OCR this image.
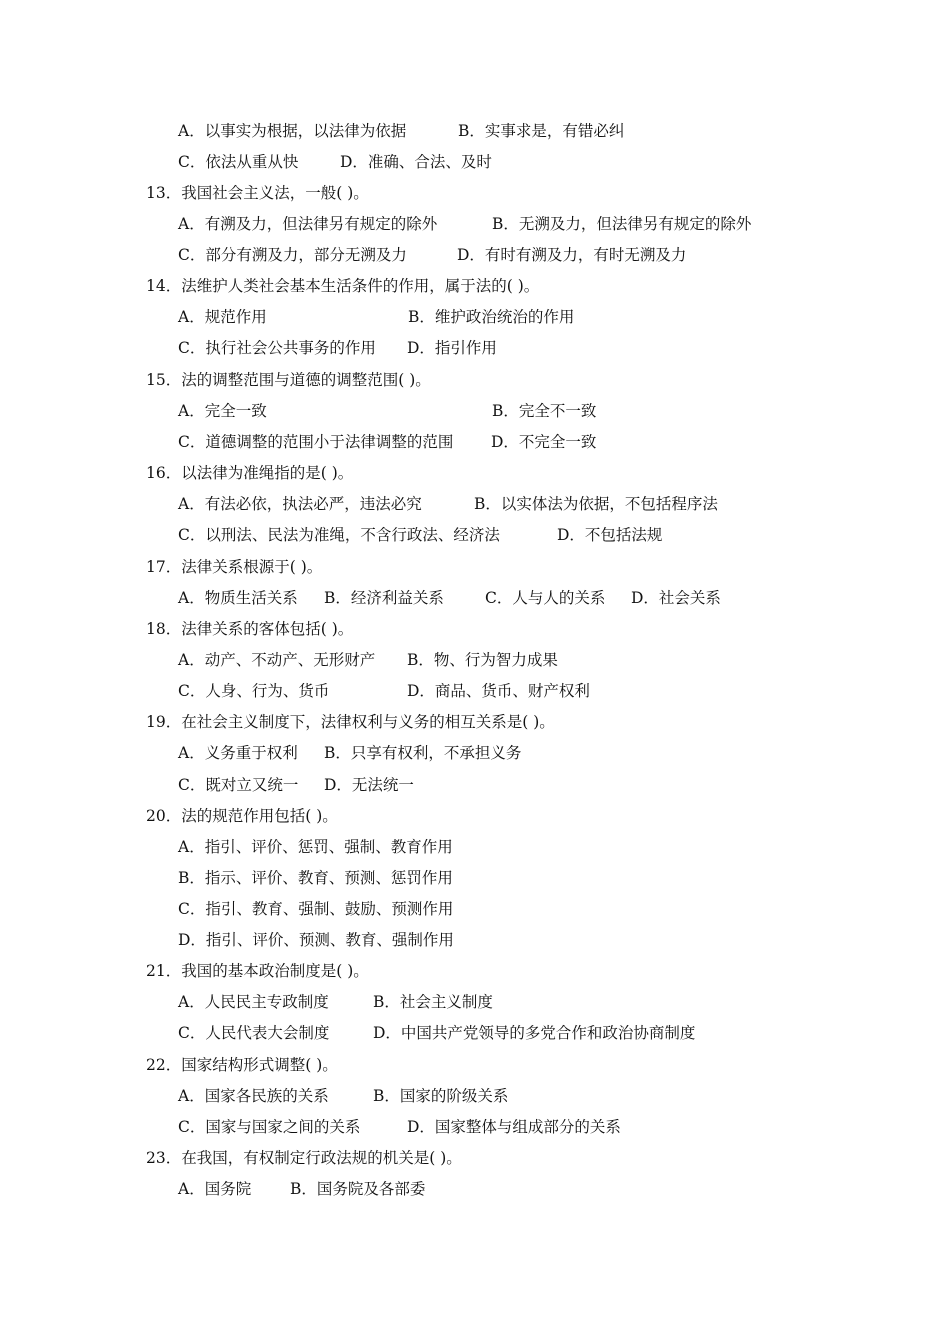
A．以事实为根据，以法律为依据	B．实事求是，有错必纠
C．依法从重从快	D．准确、合法、及时
13．我国社会主义法，一般( )。
A．有溯及力，但法律另有规定的除外	B．无溯及力，但法律另有规定的除外
C．部分有溯及力，部分无溯及力	D．有时有溯及力，有时无溯及力
14．法维护人类社会基本生活条件的作用，属于法的( )。
A．规范作用	B．维护政治统治的作用
C．执行社会公共事务的作用 D．指引作用
15．法的调整范围与道德的调整范围( )。
A．完全一致	B．完全不一致
C．道德调整的范围小于法律调整的范围 D．不完全一致
16．以法律为准绳指的是( )。
A．有法必依，执法必严，违法必究	B．以实体法为依据，不包括程序法
C．以刑法、民法为准绳，不含行政法、经济法	D．不包括法规
17．法律关系根源于( )。
A．物质生活关系 B．经济利益关系	C．人与人的关系 D．社会关系
18．法律关系的客体包括( )。
A．动产、不动产、无形财产 B．物、行为智力成果
C．人身、行为、货币	D．商品、货币、财产权利
19．在社会主义制度下，法律权利与义务的相互关系是( )。
A．义务重于权利 B．只享有权利，不承担义务
C．既对立又统一 D．无法统一
20．法的规范作用包括( )。
A．指引、评价、惩罚、强制、教育作用
B．指示、评价、教育、预测、惩罚作用
C．指引、教育、强制、鼓励、预测作用
D．指引、评价、预测、教育、强制作用
21．我国的基本政治制度是( )。
A．人民民主专政制度	B．社会主义制度
C．人民代表大会制度	D．中国共产党领导的多党合作和政治协商制度
22．国家结构形式调整( )。
A．国家各民族的关系	B．国家的阶级关系
C．国家与国家之间的关系	D．国家整体与组成部分的关系
23．在我国，有权制定行政法规的机关是( )。
A．国务院	B．国务院及各部委
